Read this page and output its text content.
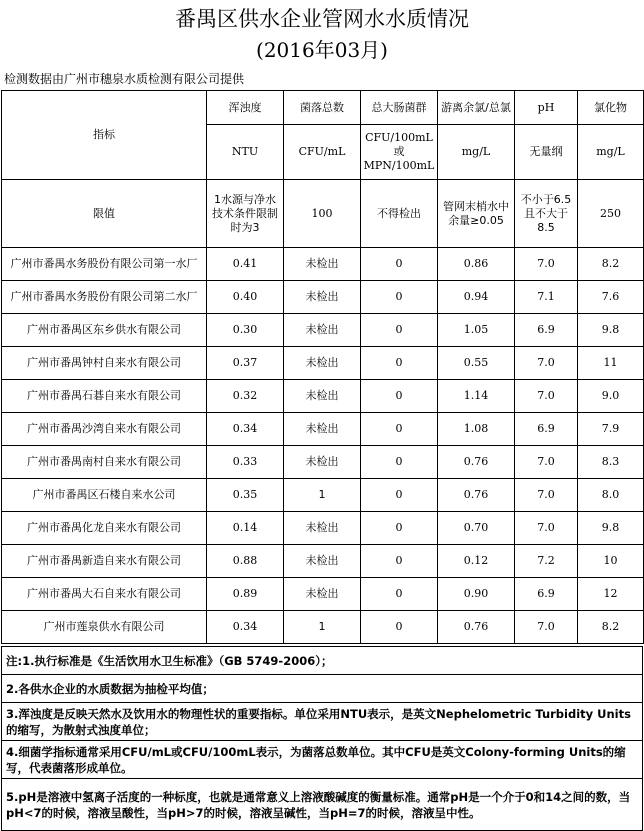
番禺区供水企业管网水水质情况
(2016年03月)
检测数据由广州市穗泉水质检测有限公司提供
指标	浑浊度	菌落总数	总大肠菌群	游离余氯/总氯	pH	氯化物
	NTU	CFU/mL	CFU/100mL或MPN/100mL	mg/L	无量纲	mg/L
限值	1水源与净水技术条件限制时为3	100	不得检出	管网末梢水中 余量≥0.05	不小于6.5且不大于8.5	250
广州市番禺水务股份有限公司第一水厂	0.41	未检出	0	0.86	7.0	8.2
广州市番禺水务股份有限公司第二水厂	0.40	未检出	0	0.94	7.1	7.6
广州市番禺区东乡供水有限公司	0.30	未检出	0	1.05	6.9	9.8
广州市番禺钟村自来水有限公司	0.37	未检出	0	0.55	7.0	11
广州市番禺石碁自来水有限公司	0.32	未检出	0	1.14	7.0	9.0
广州市番禺沙湾自来水有限公司	0.34	未检出	0	1.08	6.9	7.9
广州市番禺南村自来水有限公司	0.33	未检出	0	0.76	7.0	8.3
广州市番禺区石楼自来水公司	0.35	1	0	0.76	7.0	8.0
广州市番禺化龙自来水有限公司	0.14	未检出	0	0.70	7.0	9.8
广州市番禺新造自来水有限公司	0.88	未检出	0	0.12	7.2	10
广州市番禺大石自来水有限公司	0.89	未检出	0	0.90	6.9	12
广州市莲泉供水有限公司	0.34	1	0	0.76	7.0	8.2
注:1.执行标准是《生活饮用水卫生标准》（GB 5749-2006）；
2.各供水企业的水质数据为抽检平均值；
3.浑浊度是反映天然水及饮用水的物理性状的重要指标。单位采用NTU表示，是英文Nephelometric Turbidity Units的缩写，为散射式浊度单位；
4.细菌学指标通常采用CFU/mL或CFU/100mL表示，为菌落总数单位。其中CFU是英文Colony-forming Units的缩写，代表菌落形成单位。
5.pH是溶液中氢离子活度的一种标度，也就是通常意义上溶液酸碱度的衡量标准。通常pH是一个介于0和14之间的数，当pH<7的时候，溶液呈酸性，当pH>7的时候，溶液呈碱性，当pH=7的时候，溶液呈中性。
